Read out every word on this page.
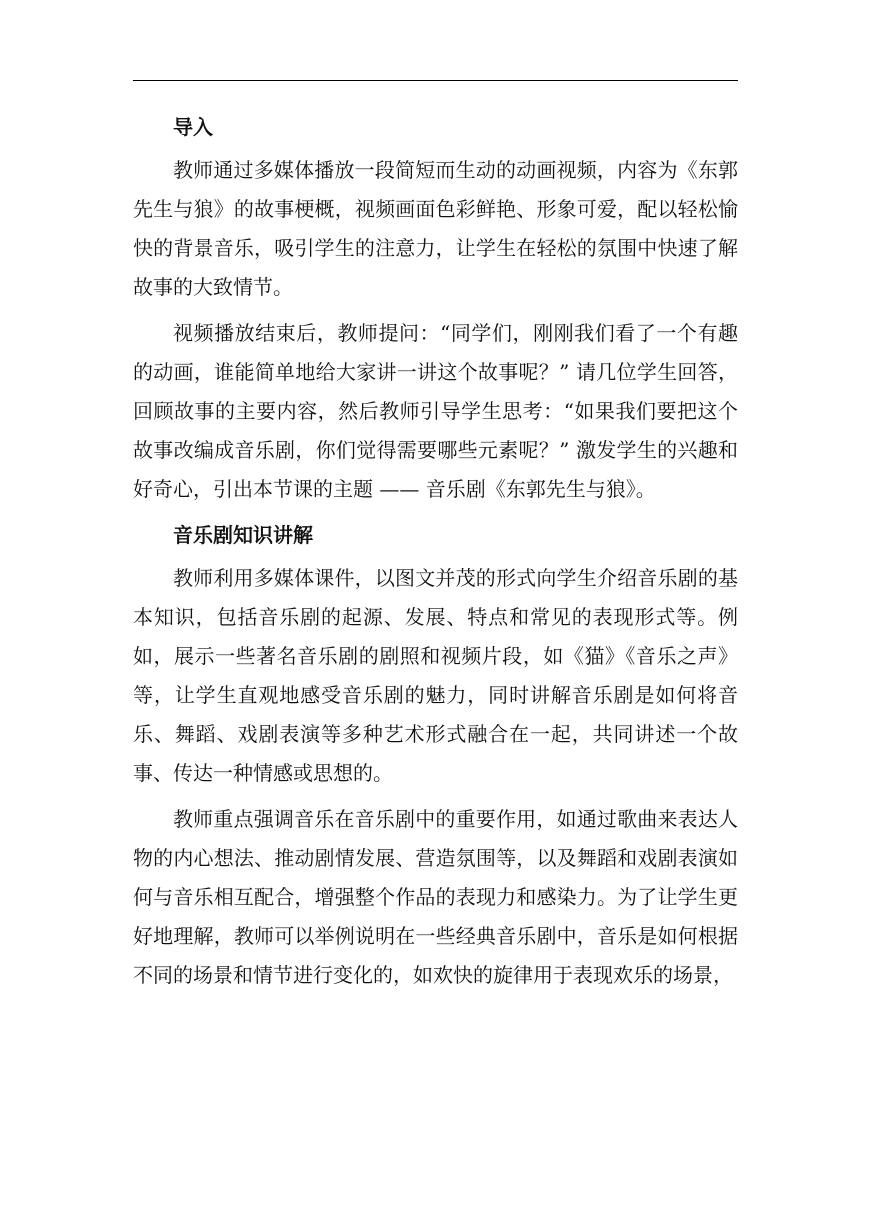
导入

教师通过多媒体播放一段简短而生动的动画视频，内容为《东郭先生与狼》的故事梗概，视频画面色彩鲜艳、形象可爱，配以轻松愉快的背景音乐，吸引学生的注意力，让学生在轻松的氛围中快速了解故事的大致情节。

视频播放结束后，教师提问：“同学们，刚刚我们看了一个有趣的动画，谁能简单地给大家讲一讲这个故事呢？” 请几位学生回答，回顾故事的主要内容，然后教师引导学生思考：“如果我们要把这个故事改编成音乐剧，你们觉得需要哪些元素呢？” 激发学生的兴趣和好奇心，引出本节课的主题 —— 音乐剧《东郭先生与狼》。

音乐剧知识讲解

教师利用多媒体课件，以图文并茂的形式向学生介绍音乐剧的基本知识，包括音乐剧的起源、发展、特点和常见的表现形式等。例如，展示一些著名音乐剧的剧照和视频片段，如《猫》《音乐之声》等，让学生直观地感受音乐剧的魅力，同时讲解音乐剧是如何将音乐、舞蹈、戏剧表演等多种艺术形式融合在一起，共同讲述一个故事、传达一种情感或思想的。

教师重点强调音乐在音乐剧中的重要作用，如通过歌曲来表达人物的内心想法、推动剧情发展、营造氛围等，以及舞蹈和戏剧表演如何与音乐相互配合，增强整个作品的表现力和感染力。为了让学生更好地理解，教师可以举例说明在一些经典音乐剧中，音乐是如何根据不同的场景和情节进行变化的，如欢快的旋律用于表现欢乐的场景，
